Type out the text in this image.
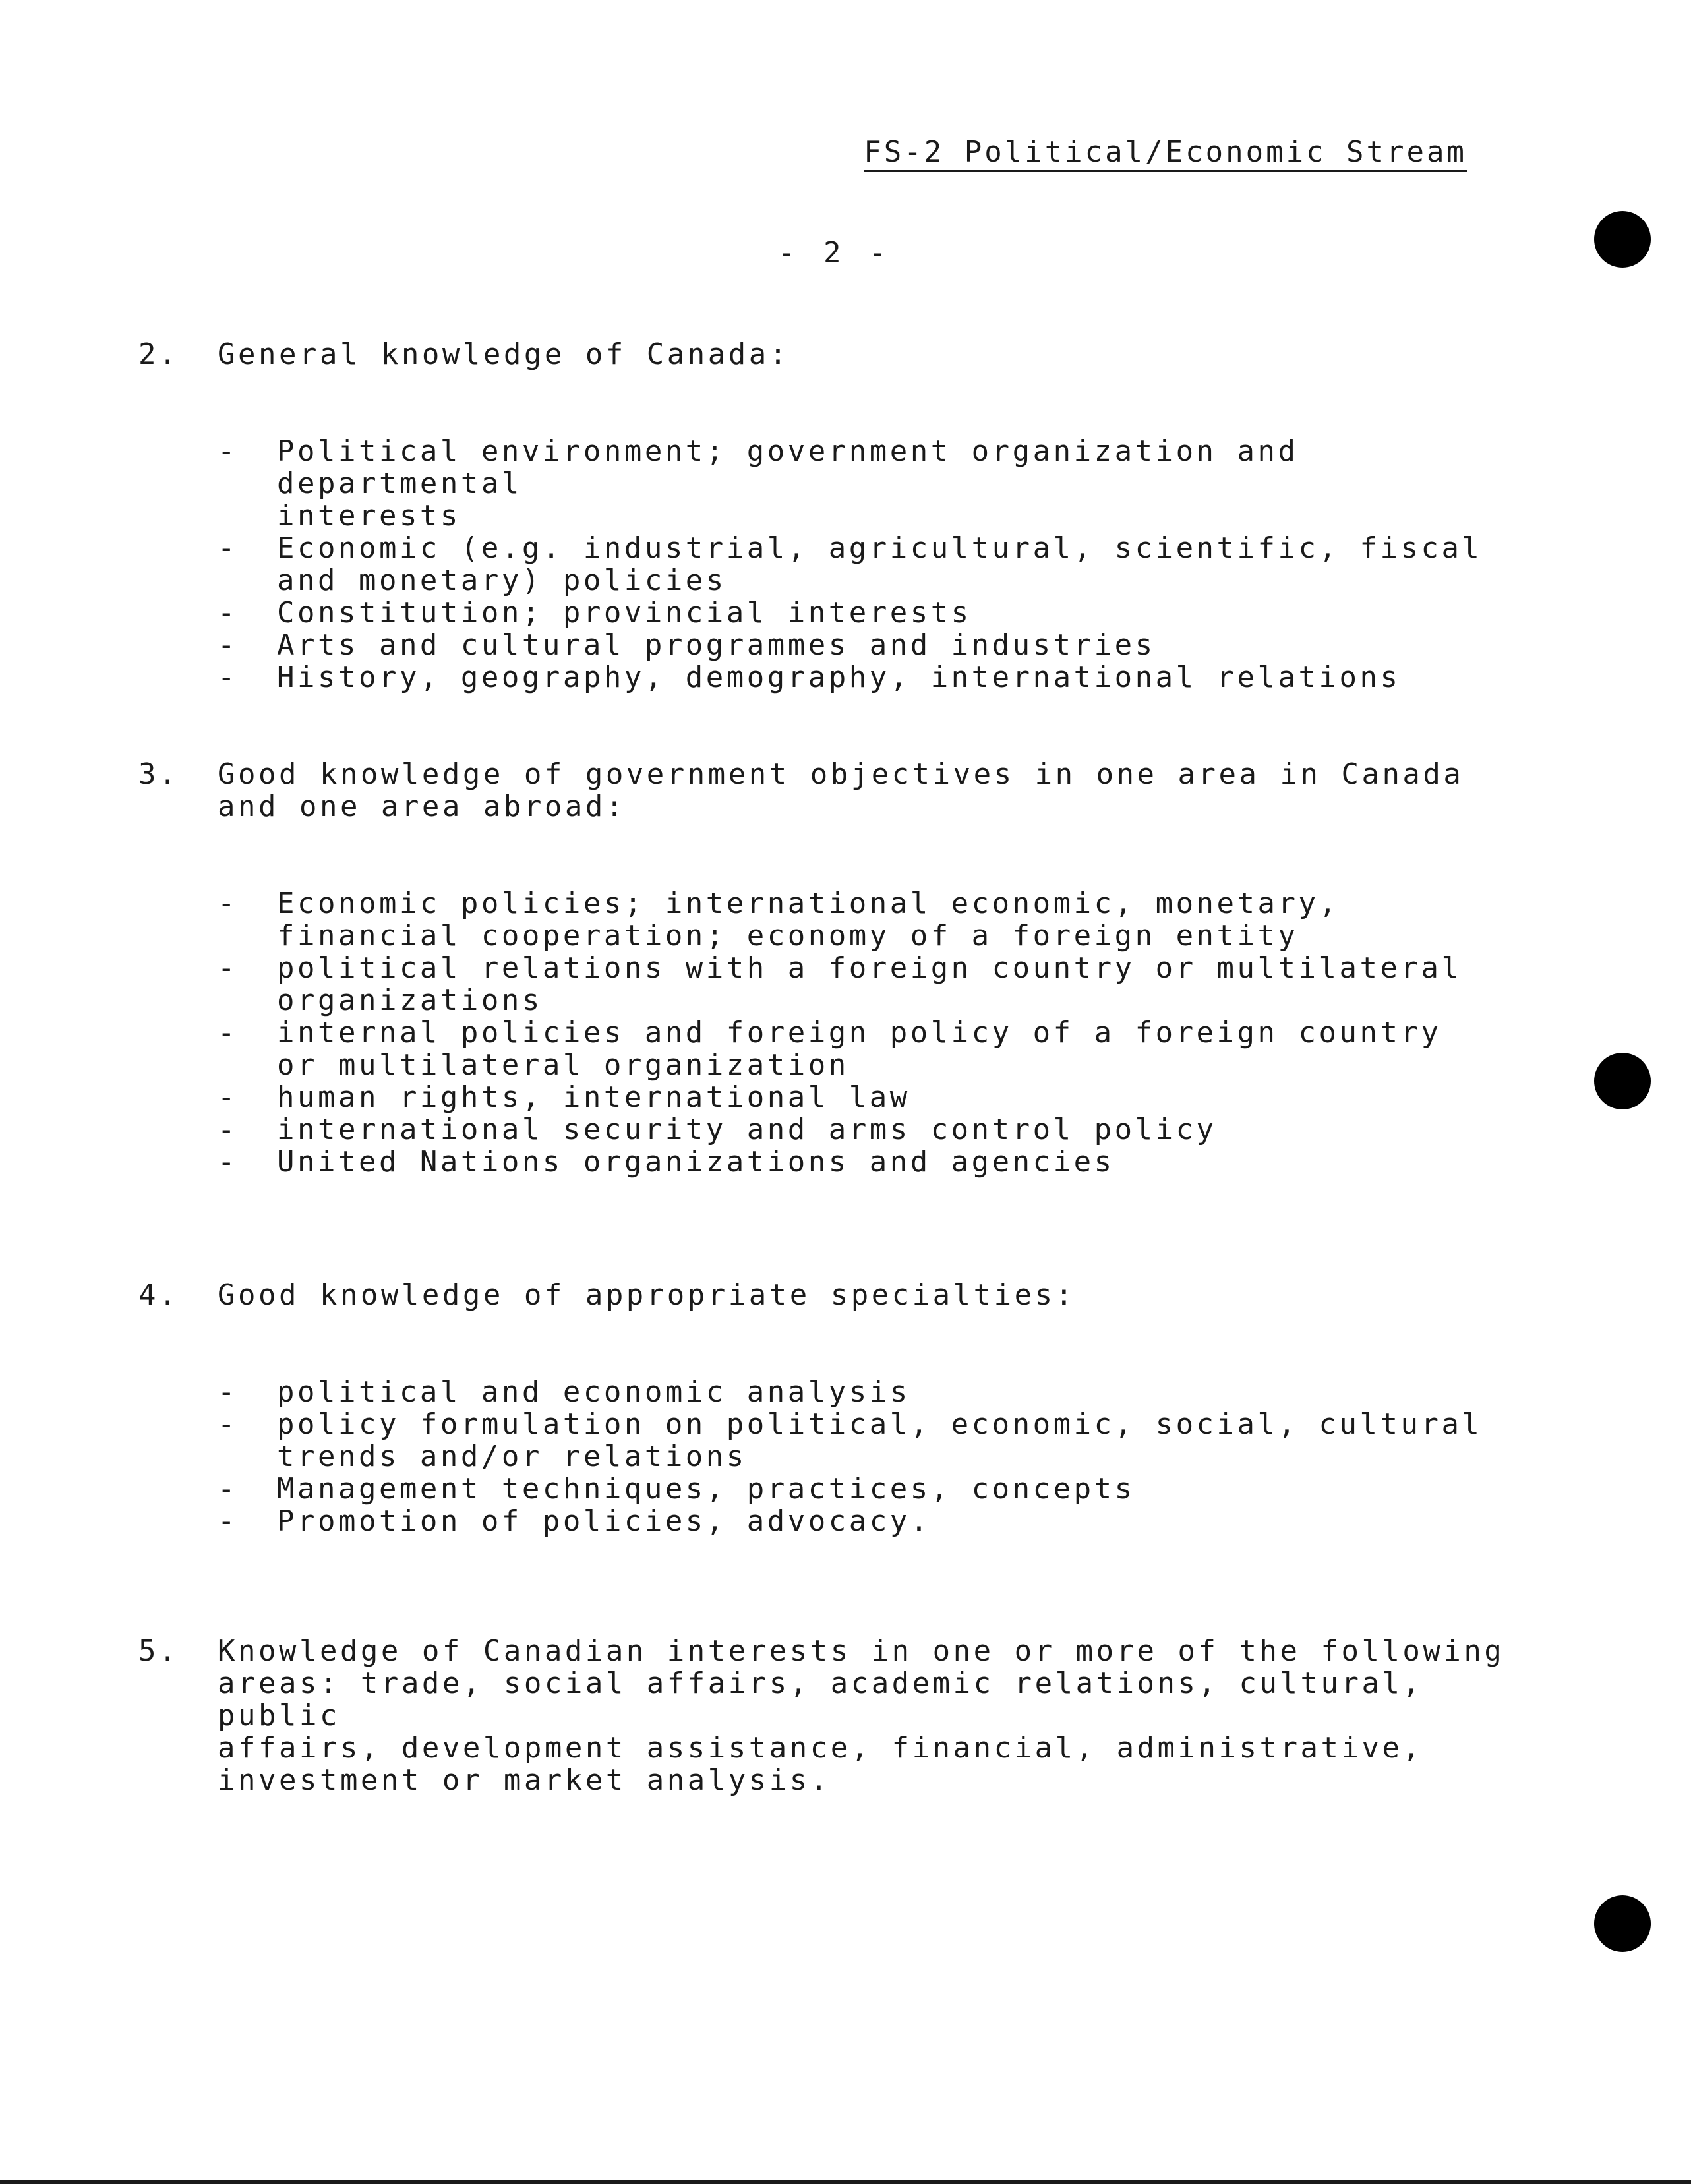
FS-2 Political/Economic Stream
- 2 -
2. General knowledge of Canada:
- Political environment; government organization and departmental
interests
- Economic (e.g. industrial, agricultural, scientific, fiscal
and monetary) policies
- Constitution; provincial interests
- Arts and cultural programmes and industries
- History, geography, demography, international relations
3. Good knowledge of government objectives in one area in Canada
and one area abroad:
- Economic policies; international economic, monetary,
financial cooperation; economy of a foreign entity
- political relations with a foreign country or multilateral
organizations
- internal policies and foreign policy of a foreign country
or multilateral organization
- human rights, international law
- international security and arms control policy
- United Nations organizations and agencies
4. Good knowledge of appropriate specialties:
- political and economic analysis
- policy formulation on political, economic, social, cultural
trends and/or relations
- Management techniques, practices, concepts
- Promotion of policies, advocacy.
5. Knowledge of Canadian interests in one or more of the following
areas: trade, social affairs, academic relations, cultural, public
affairs, development assistance, financial, administrative,
investment or market analysis.
